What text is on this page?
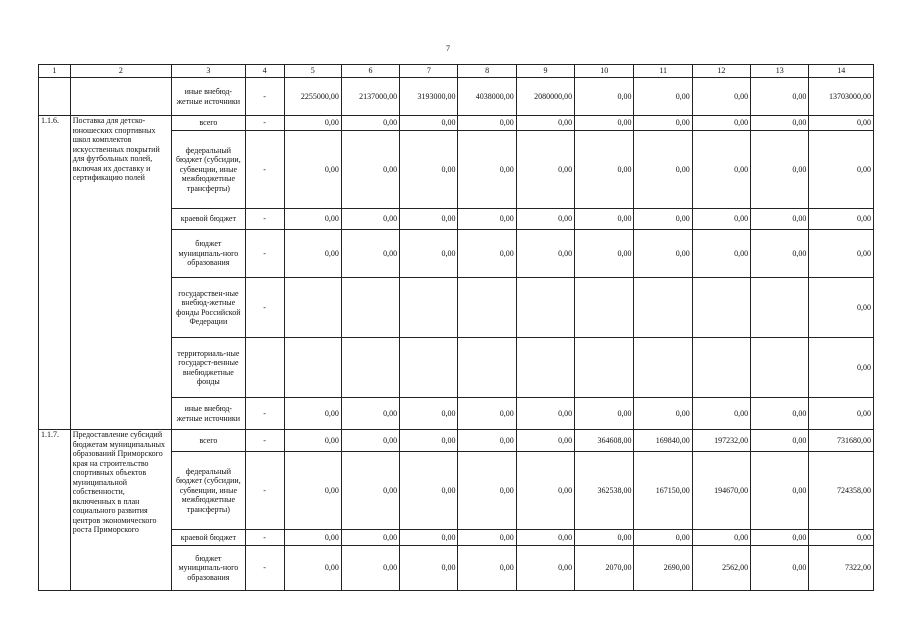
7
1	2	3	4	5	6	7	8	9	10	11	12	13	14
		иные внебюд-жетные источники	-	2255000,00	2137000,00	3193000,00	4038000,00	2080000,00	0,00	0,00	0,00	0,00	13703000,00
1.1.6.	Поставка для детско-юношеских спортивных школ комплектов искусственных покрытий для футбольных полей, включая их доставку и сертификацию полей	всего	-	0,00	0,00	0,00	0,00	0,00	0,00	0,00	0,00	0,00	0,00
		федеральный бюджет (субсидии, субвенции, иные межбюджетные трансферты)	-	0,00	0,00	0,00	0,00	0,00	0,00	0,00	0,00	0,00	0,00
		краевой бюджет	-	0,00	0,00	0,00	0,00	0,00	0,00	0,00	0,00	0,00	0,00
		бюджет муниципаль-ного образования	-	0,00	0,00	0,00	0,00	0,00	0,00	0,00	0,00	0,00	0,00
		государствен-ные внебюд-жетные фонды Российской Федерации	-										0,00
		территориаль-ные государст-венные внебюджетные фонды											0,00
		иные внебюд-жетные источники	-	0,00	0,00	0,00	0,00	0,00	0,00	0,00	0,00	0,00	0,00
1.1.7.	Предоставление субсидий бюджетам муниципальных образований Приморского края на строительство спортивных объектов муниципальной собственности, включенных в план социального развития центров экономического роста Приморского	всего	-	0,00	0,00	0,00	0,00	0,00	364608,00	169840,00	197232,00	0,00	731680,00
		федеральный бюджет (субсидии, субвенции, иные межбюджетные трансферты)	-	0,00	0,00	0,00	0,00	0,00	362538,00	167150,00	194670,00	0,00	724358,00
		краевой бюджет	-	0,00	0,00	0,00	0,00	0,00	0,00	0,00	0,00	0,00	0,00
		бюджет муниципаль-ного образования	-	0,00	0,00	0,00	0,00	0,00	2070,00	2690,00	2562,00	0,00	7322,00
